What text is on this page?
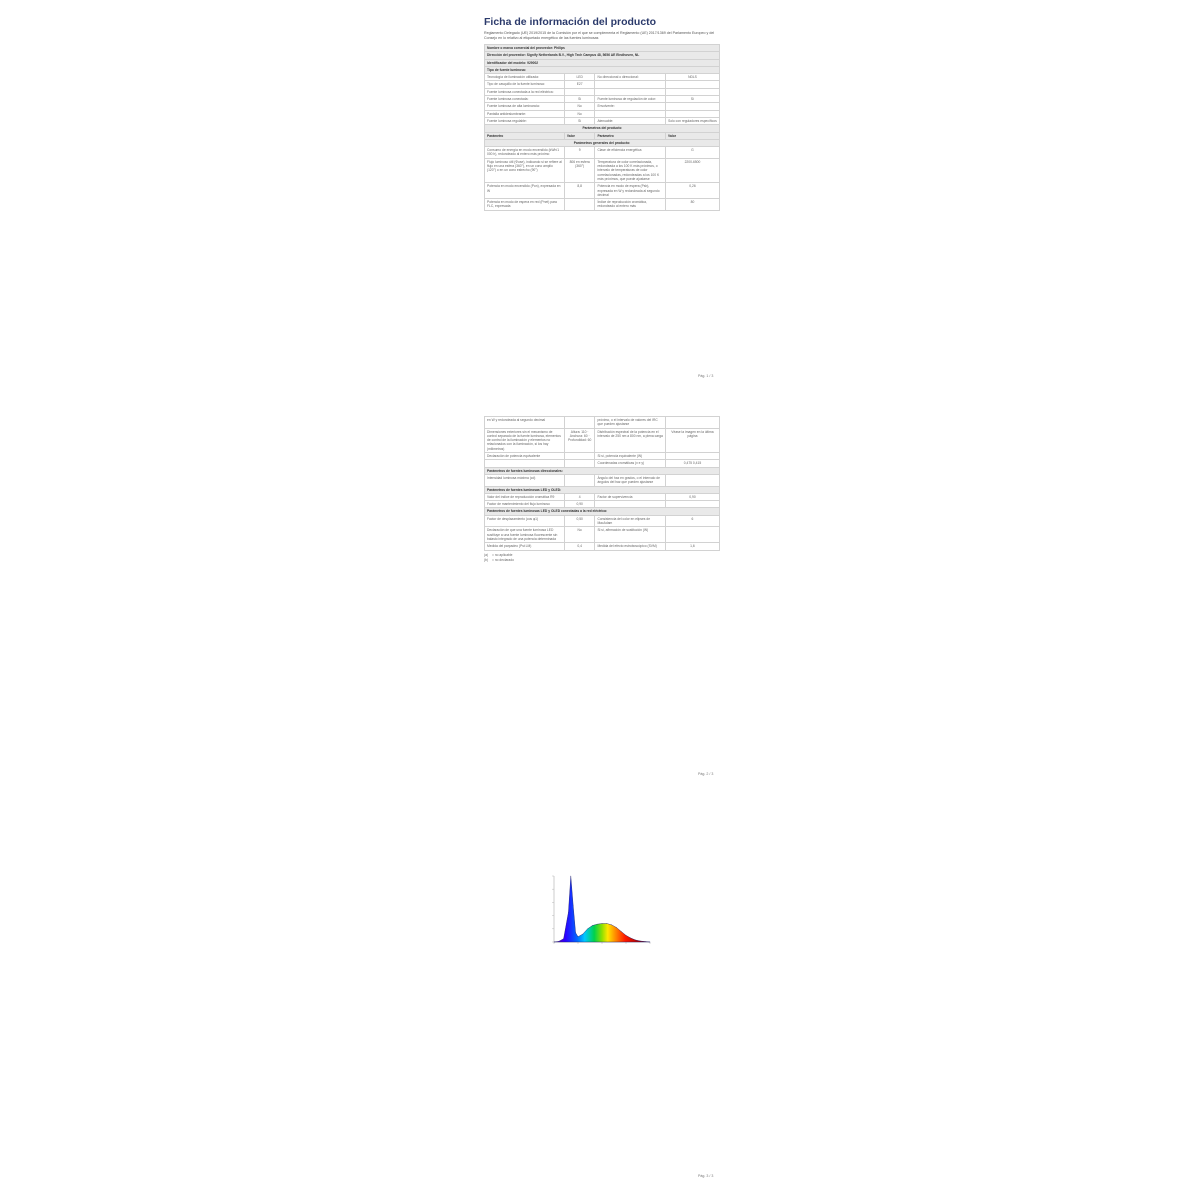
Ficha de información del producto
Reglamento Delegado (UE) 2019/2015 de la Comisión por el que se complementa el Reglamento (UE) 2017/1369 del Parlamento Europeo y del Consejo en lo relativo al etiquetado energético de las fuentes luminosas
Nombre o marca comercial del proveedor: Philips			
Dirección del proveedor: Signify Netherlands B.V., High Tech Campus 48, 5656 AE Eindhoven, NL			
Identificador del modelo: 929002			
Tipo de fuente luminosa:			
Tecnología de iluminación utilizada:	LED	No direccional o direccional:	NDLS
Tipo de casquillo de la fuente luminosa:	E27		
Fuente luminosa conectada a la red eléctrica:			
Fuente luminosa conectada:	Sí	Fuente luminosa de regulación de color:	Sí
Fuente luminosa de alta luminancia:	No	Envolvente:	
Pantalla antideslumbrante:	No		
Fuente luminosa regulable:	Sí	Atenuable:	Solo con reguladores específicos
Parámetros del producto			
Parámetro	Valor	Parámetro	Valor
Parámetros generales del producto:			
Consumo de energía en modo encendido (kWh/1 000 h), redondeado al entero más próximo	9	Clase de eficiencia energética	G
Flujo luminoso útil (Φuse), indicando si se refiere al flujo en una esfera (360°), en un cono amplio (120°) o en un cono estrecho (90°)	806 en esfera (360°)	Temperatura de color correlacionada, redondeada a los 100 K más próximos, o intervalo de temperaturas de color correlacionadas, redondeadas a los 100 K más próximos, que puede ajustarse	2200-6500
Potencia en modo encendido (Pon), expresada en W	8,8	Potencia en modo de espera (Psb), expresada en W y redondeada al segundo decimal	0,26
Potencia en modo de espera en red (Pnet) para FLC, expresada		Índice de reproducción cromática, redondeado al entero más	80
Pág. 1 / 3
en W y redondeada al segundo decimal		próximo, o el intervalo de valores del IRC que pueden ajustarse	
Dimensiones exteriores sin el mecanismo de control separado de la fuente luminosa, elementos de control de la iluminación y elementos no relacionados con la iluminación, si los hay (milímetros)	Altura: 110 · Anchura: 60 · Profundidad: 60	Distribución espectral de la potencia en el intervalo de 250 nm a 800 nm, a plena carga	Véase la imagen en la última página
Declaración de potencia equivalente		Si sí, potencia equivalente (W)	
		Coordenadas cromáticas (x e y)	0,475 0,415
Parámetros de fuentes luminosas direccionales:			
Intensidad luminosa máxima (cd)		Ángulo del haz en grados, o el intervalo de ángulos del haz que pueden ajustarse	
Parámetros de fuentes luminosas LED y OLED:			
Valor del índice de reproducción cromática R9	4	Factor de supervivencia	0,90
Factor de mantenimiento del flujo luminoso	0,90		
Parámetros de fuentes luminosas LED y OLED conectadas a la red eléctrica:			
Factor de desplazamiento (cos φ1)	0,50	Consistencia del color en elipses de MacAdam	6
Declaración de que una fuente luminosa LED sustituye a una fuente luminosa fluorescente sin balasto integrado de una potencia determinada	No	Si sí, afirmación de sustitución (W)	
Medida del parpadeo (Pst LM)	0,4	Medida del efecto estroboscópico (SVM)	1,6
(a) = no aplicable
(b) = no declarado
Pág. 2 / 3
Pág. 3 / 3
